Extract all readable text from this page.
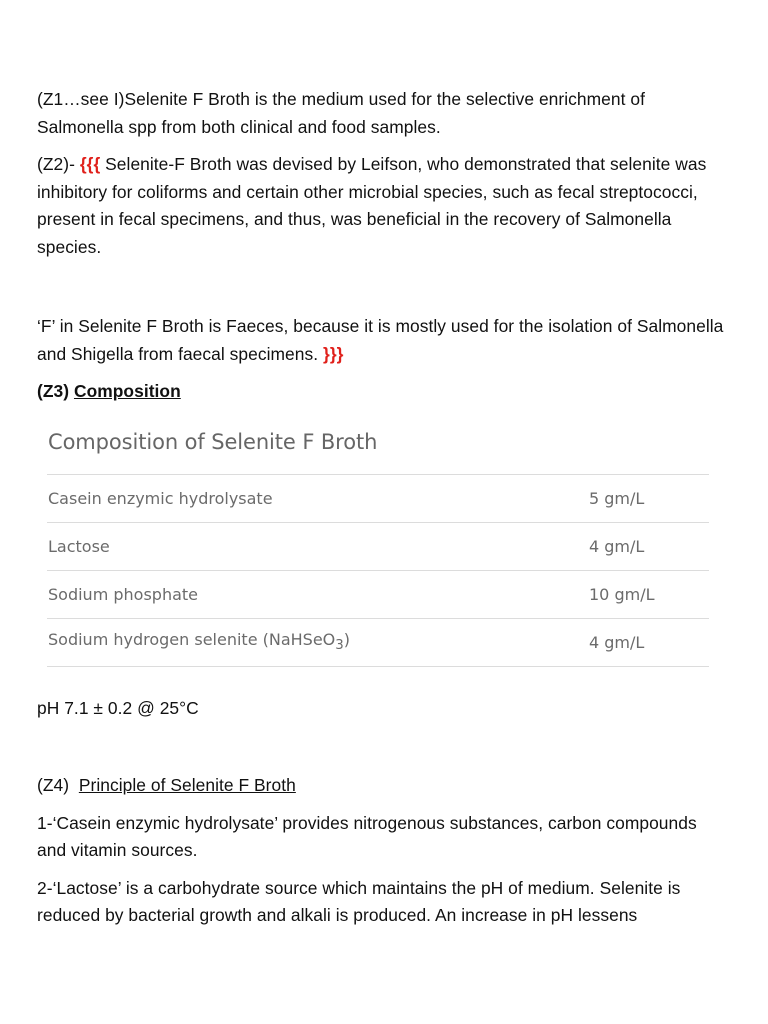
(Z1…see I)Selenite F Broth is the medium used for the selective enrichment of Salmonella spp from both clinical and food samples.

(Z2)- {{{ Selenite-F Broth was devised by Leifson, who demonstrated that selenite was inhibitory for coliforms and certain other microbial species, such as fecal streptococci, present in fecal specimens, and thus, was beneficial in the recovery of Salmonella species.

‘F’ in Selenite F Broth is Faeces, because it is mostly used for the isolation of Salmonella and Shigella from faecal specimens. }}}

(Z3) Composition

Composition of Selenite F Broth
Casein enzymic hydrolysate	5 gm/L
Lactose	4 gm/L
Sodium phosphate	10 gm/L
Sodium hydrogen selenite (NaHSeO$_3$)	4 gm/L

pH 7.1 ± 0.2 @ 25°C

(Z4)  Principle of Selenite F Broth

1-‘Casein enzymic hydrolysate’ provides nitrogenous substances, carbon compounds and vitamin sources.

2-‘Lactose’ is a carbohydrate source which maintains the pH of medium. Selenite is reduced by bacterial growth and alkali is produced. An increase in pH lessens
